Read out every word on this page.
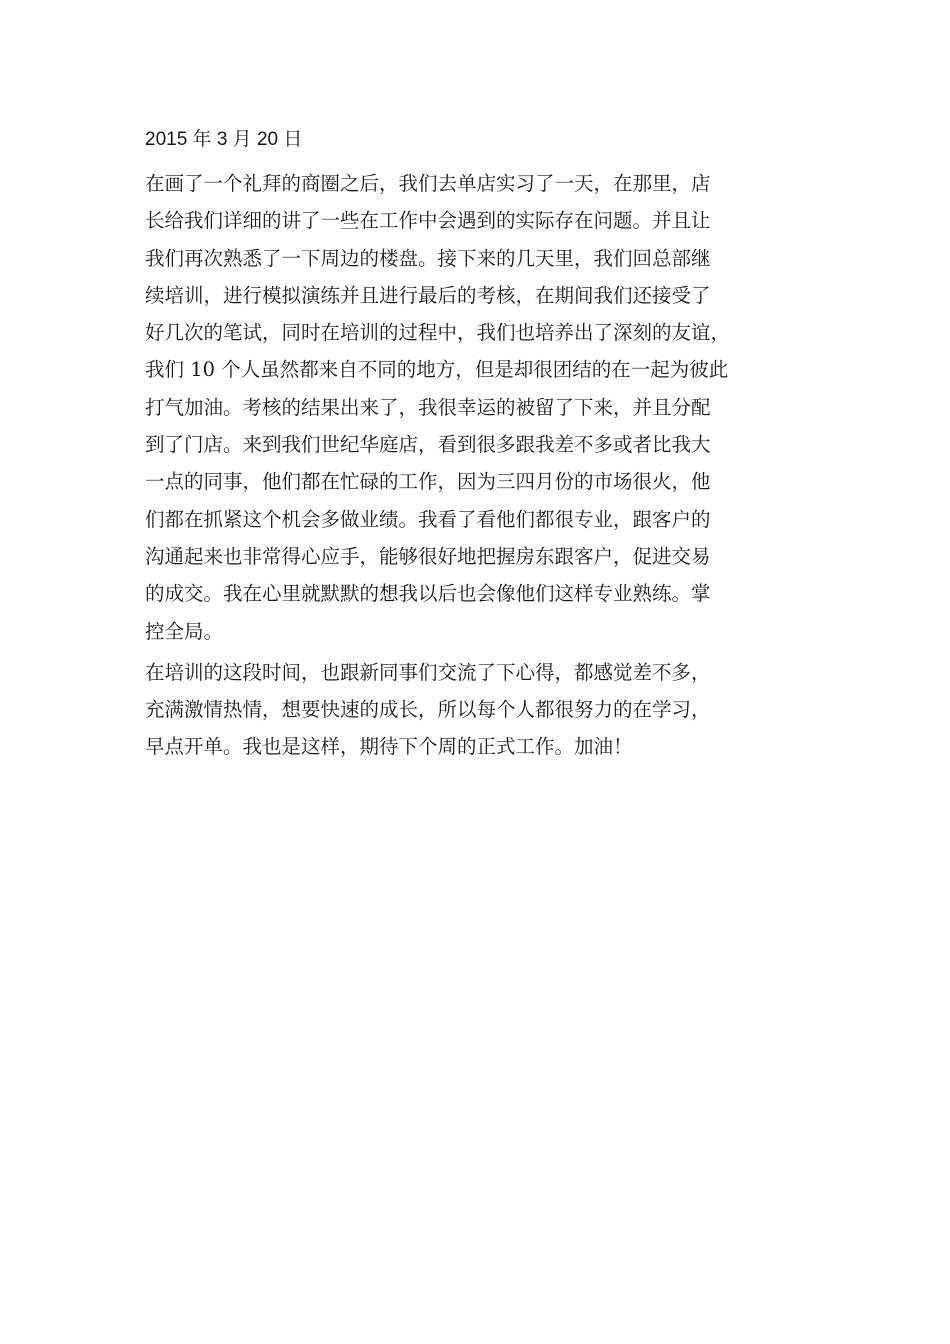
2015 年 3 月 20 日
在画了一个礼拜的商圈之后，我们去单店实习了一天，在那里，店
长给我们详细的讲了一些在工作中会遇到的实际存在问题。并且让
我们再次熟悉了一下周边的楼盘。接下来的几天里，我们回总部继
续培训，进行模拟演练并且进行最后的考核，在期间我们还接受了
好几次的笔试，同时在培训的过程中，我们也培养出了深刻的友谊，
我们 10 个人虽然都来自不同的地方，但是却很团结的在一起为彼此
打气加油。考核的结果出来了，我很幸运的被留了下来，并且分配
到了门店。来到我们世纪华庭店，看到很多跟我差不多或者比我大
一点的同事，他们都在忙碌的工作，因为三四月份的市场很火，他
们都在抓紧这个机会多做业绩。我看了看他们都很专业，跟客户的
沟通起来也非常得心应手，能够很好地把握房东跟客户，促进交易
的成交。我在心里就默默的想我以后也会像他们这样专业熟练。掌
控全局。
在培训的这段时间，也跟新同事们交流了下心得，都感觉差不多，
充满激情热情，想要快速的成长，所以每个人都很努力的在学习，
早点开单。我也是这样，期待下个周的正式工作。加油！
